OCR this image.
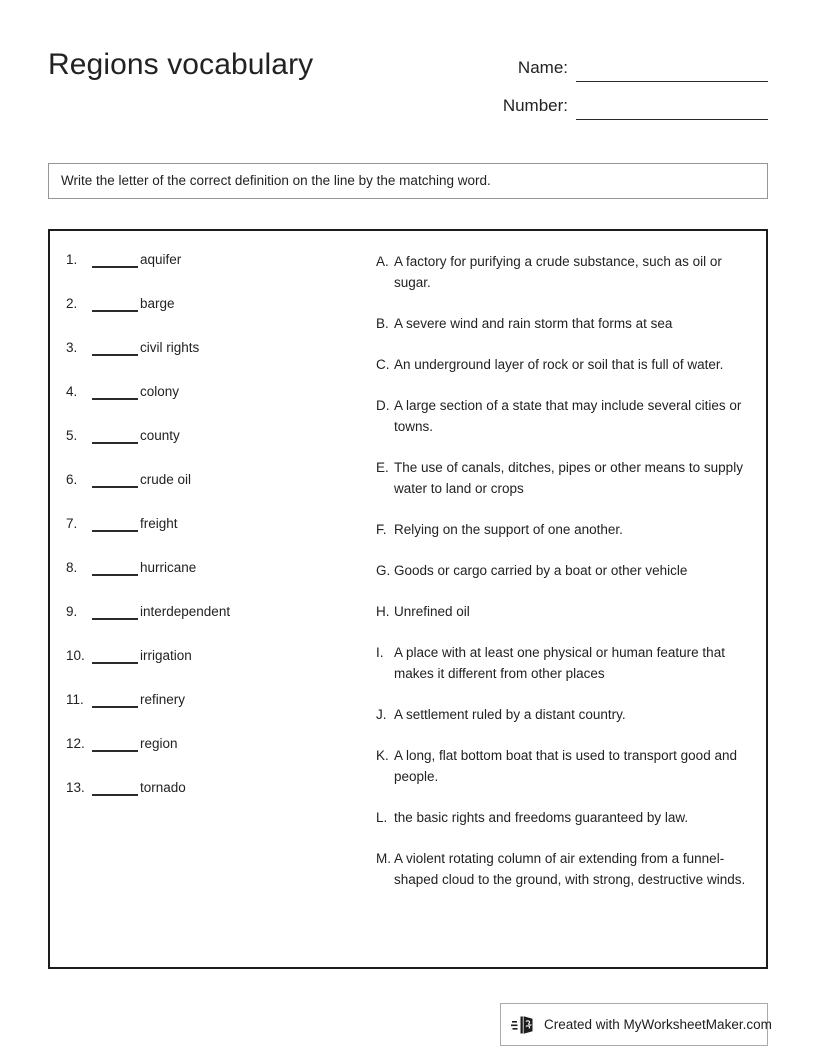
Regions vocabulary	Name:
Number:
Write the letter of the correct definition on the line by the matching word.
1.	aquifer
2.	barge
3.	civil rights
4.	colony
5.	county
6.	crude oil
7.	freight
8.	hurricane
9.	interdependent
10.	irrigation
11.	refinery
12.	region
13.	tornado
A. A factory for purifying a crude substance, such as oil or sugar.
B. A severe wind and rain storm that forms at sea
C. An underground layer of rock or soil that is full of water.
D. A large section of a state that may include several cities or towns.
E. The use of canals, ditches, pipes or other means to supply water to land or crops
F. Relying on the support of one another.
G. Goods or cargo carried by a boat or other vehicle
H. Unrefined oil
I. A place with at least one physical or human feature that makes it different from other places
J. A settlement ruled by a distant country.
K. A long, flat bottom boat that is used to transport good and people.
L. the basic rights and freedoms guaranteed by law.
M. A violent rotating column of air extending from a funnel-shaped cloud to the ground, with strong, destructive winds.
Created with MyWorksheetMaker.com
